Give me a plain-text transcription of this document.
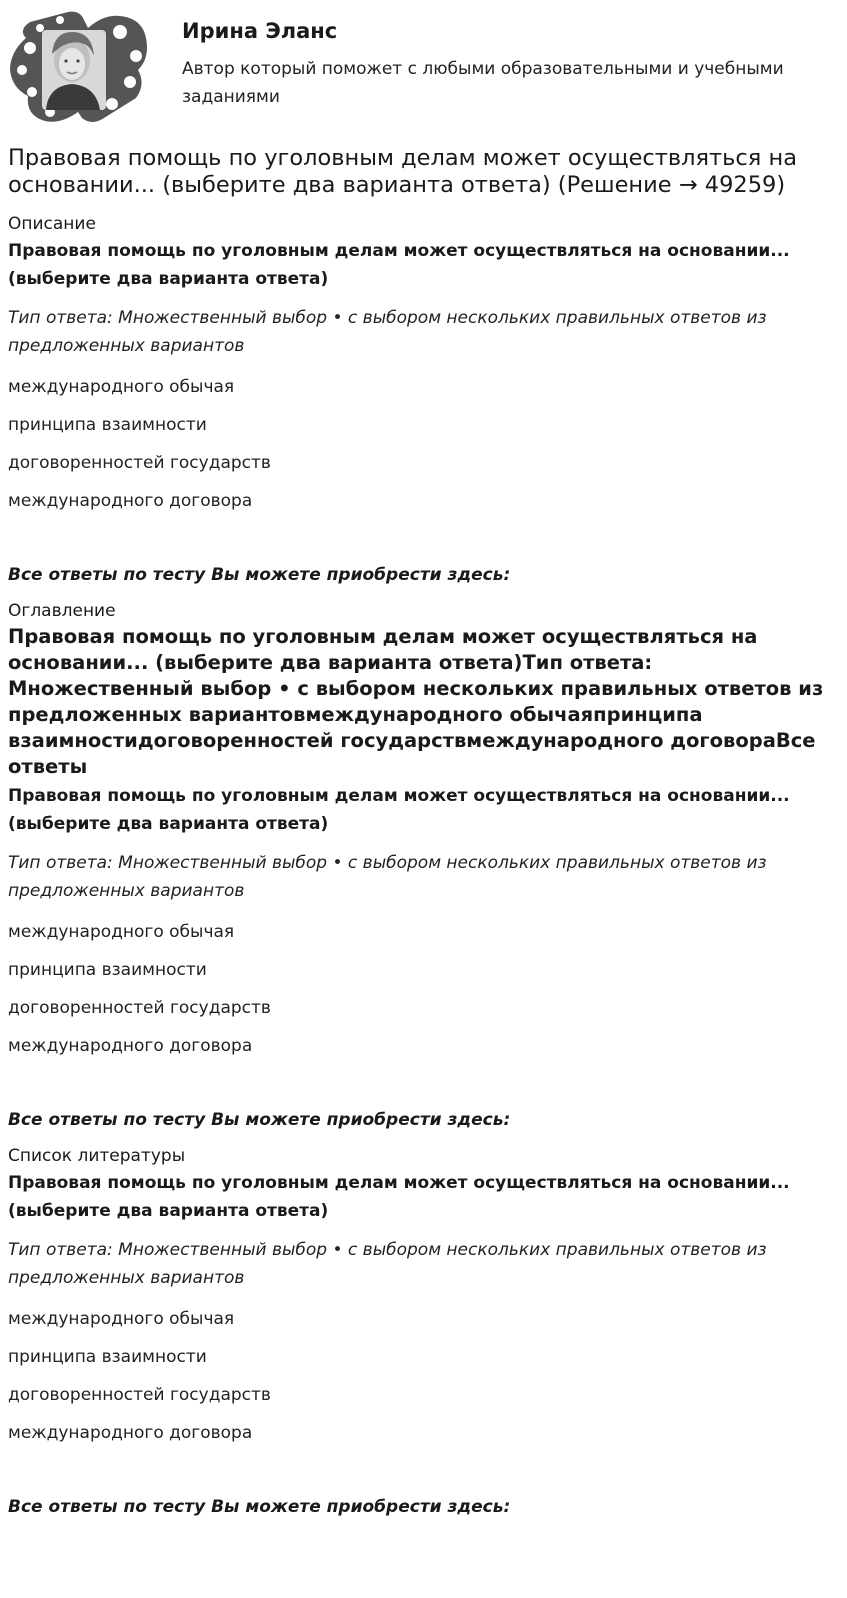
Ирина Эланс
Автор который поможет с любыми образовательными и учебными заданиями
Правовая помощь по уголовным делам может осуществляться на основании... (выберите два варианта ответа) (Решение → 49259)
Описание
Правовая помощь по уголовным делам может осуществляться на основании... (выберите два варианта ответа)
Тип ответа: Множественный выбор • с выбором нескольких правильных ответов из предложенных вариантов
международного обычая
принципа взаимности
договоренностей государств
международного договора
Все ответы по тесту Вы можете приобрести здесь:
Оглавление
Правовая помощь по уголовным делам может осуществляться на основании... (выберите два варианта ответа)Тип ответа: Множественный выбор • с выбором нескольких правильных ответов из предложенных вариантовмеждународного обычаяпринципа взаимностидоговоренностей государствмеждународного договораВсе ответы
Правовая помощь по уголовным делам может осуществляться на основании... (выберите два варианта ответа)
Тип ответа: Множественный выбор • с выбором нескольких правильных ответов из предложенных вариантов
международного обычая
принципа взаимности
договоренностей государств
международного договора
Все ответы по тесту Вы можете приобрести здесь:
Список литературы
Правовая помощь по уголовным делам может осуществляться на основании... (выберите два варианта ответа)
Тип ответа: Множественный выбор • с выбором нескольких правильных ответов из предложенных вариантов
международного обычая
принципа взаимности
договоренностей государств
международного договора
Все ответы по тесту Вы можете приобрести здесь:
